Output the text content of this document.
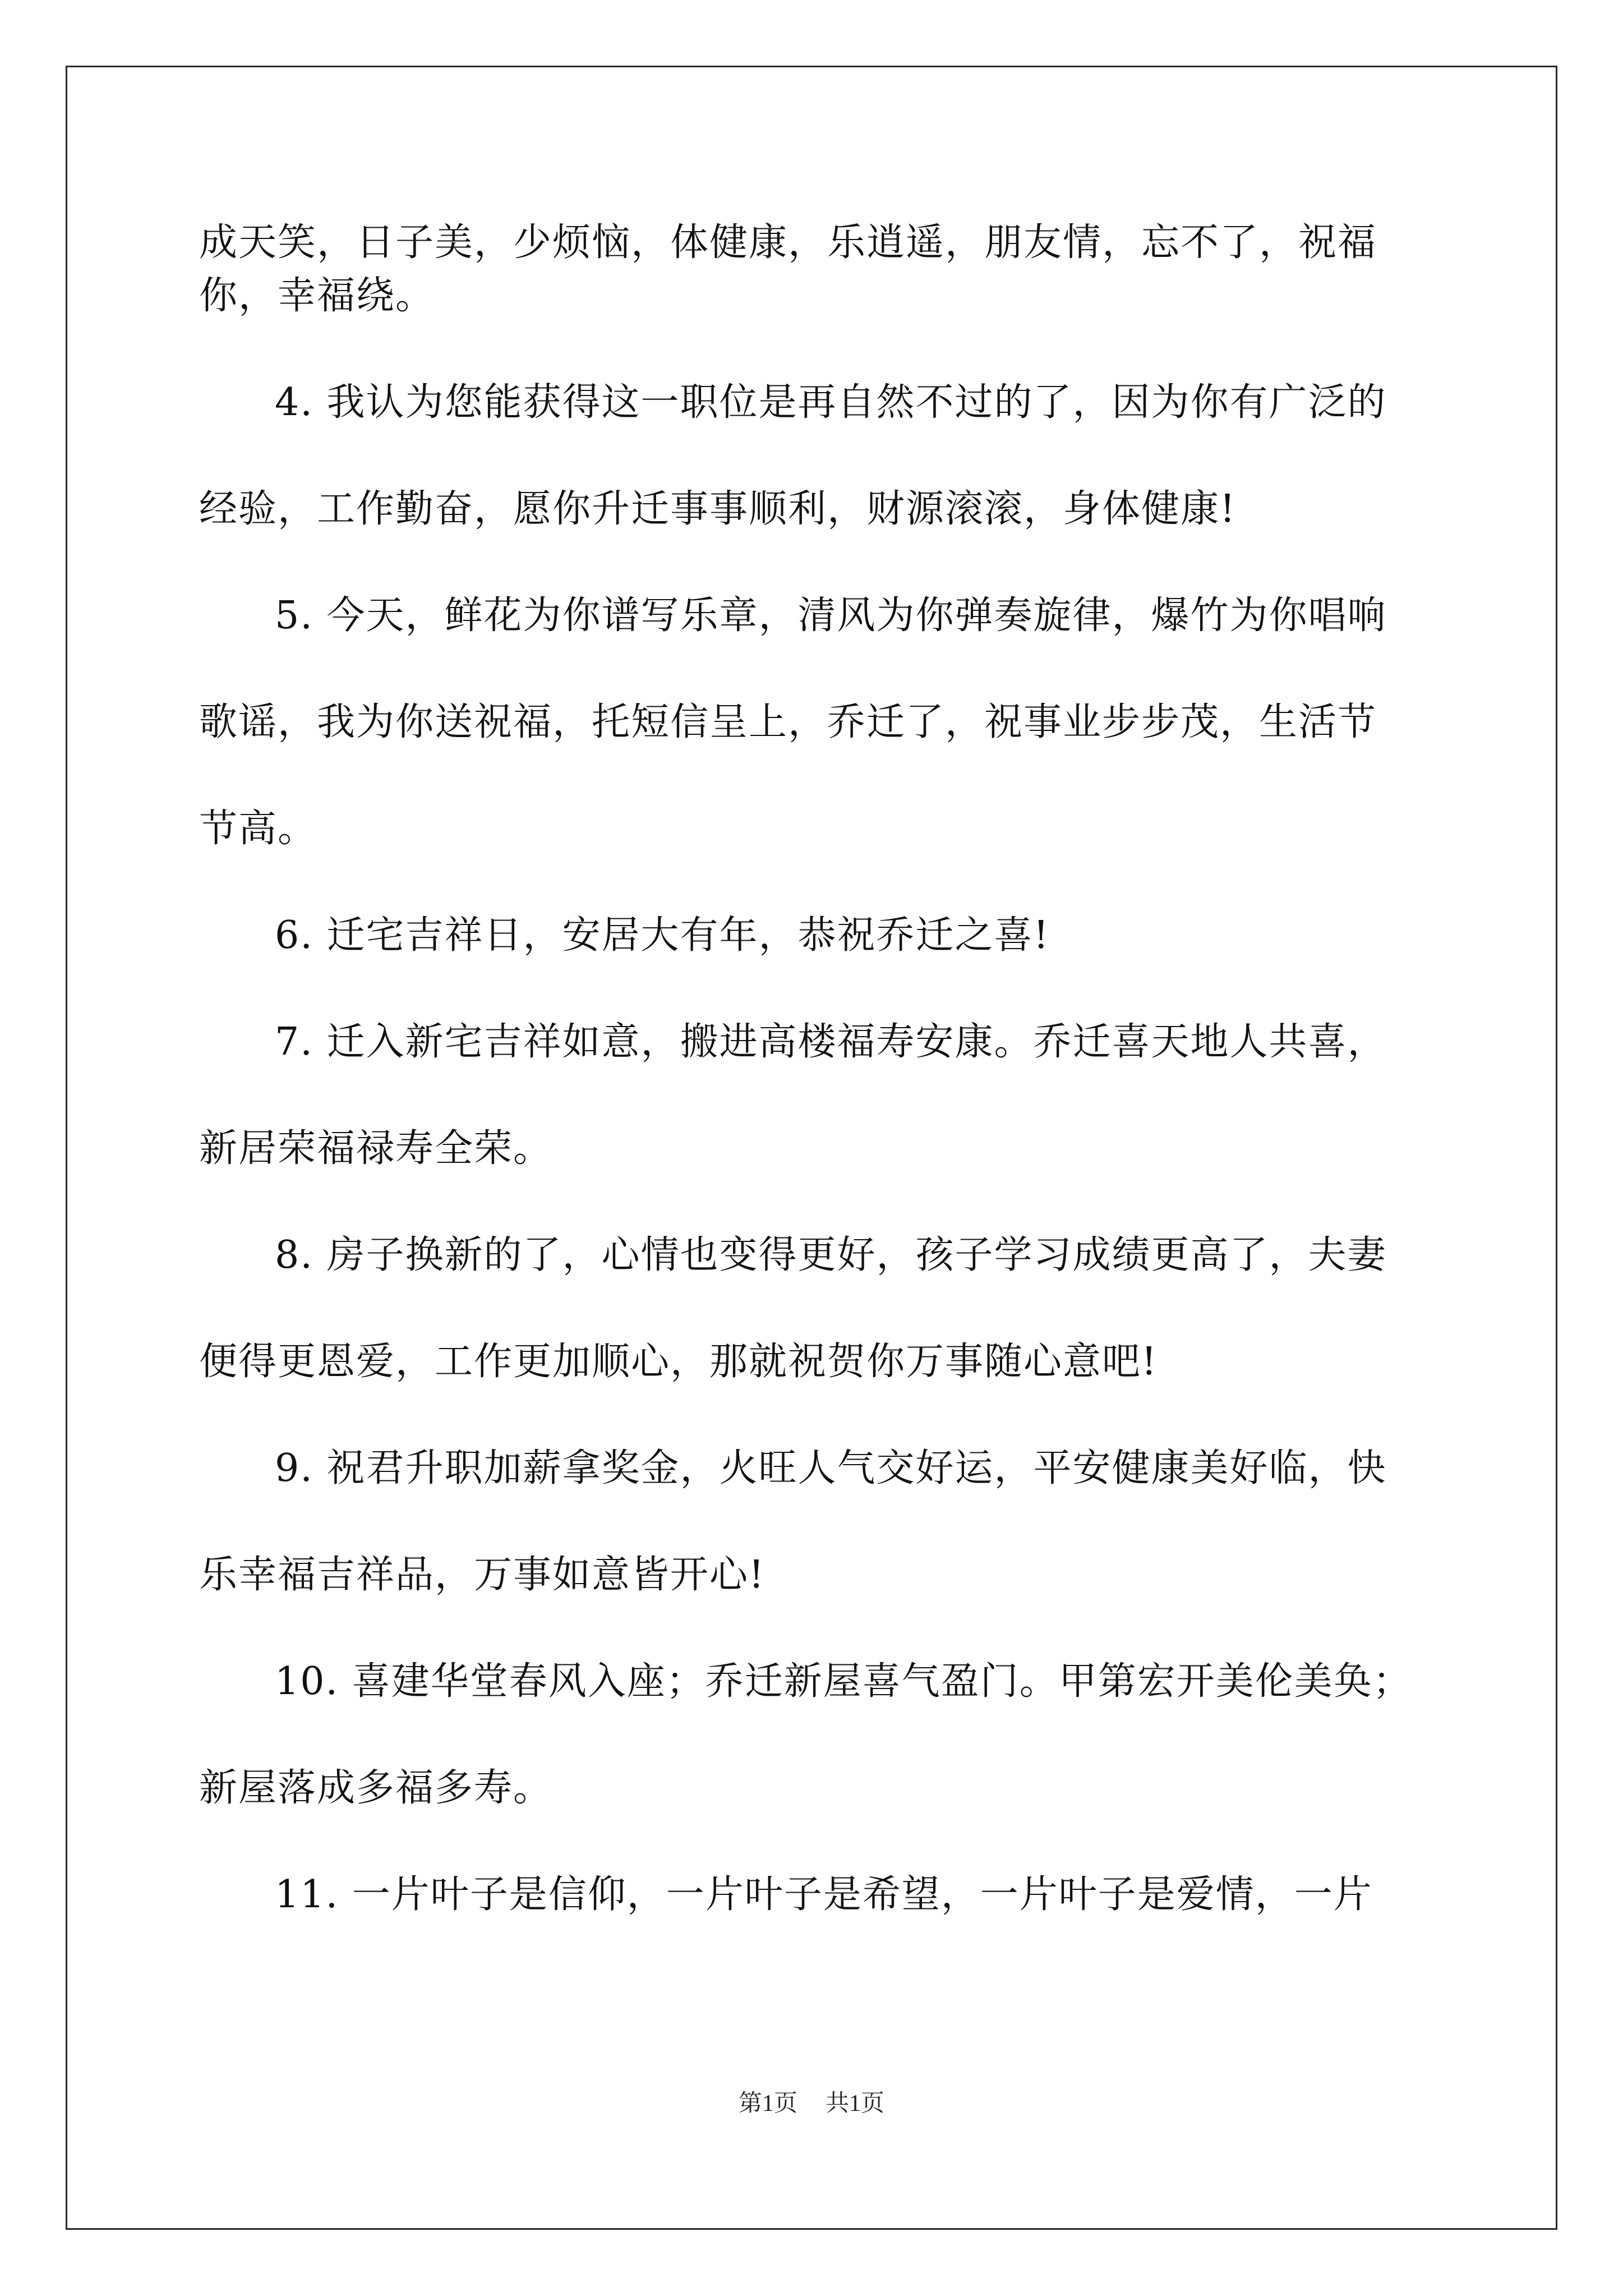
成天笑，日子美，少烦恼，体健康，乐逍遥，朋友情，忘不了，祝福
你，幸福绕。
4. 我认为您能获得这一职位是再自然不过的了，因为你有广泛的
经验，工作勤奋，愿你升迁事事顺利，财源滚滚，身体健康!
5. 今天，鲜花为你谱写乐章，清风为你弹奏旋律，爆竹为你唱响
歌谣，我为你送祝福，托短信呈上，乔迁了，祝事业步步茂，生活节
节高。
6. 迁宅吉祥日，安居大有年，恭祝乔迁之喜!
7. 迁入新宅吉祥如意，搬进高楼福寿安康。乔迁喜天地人共喜，
新居荣福禄寿全荣。
8. 房子换新的了，心情也变得更好，孩子学习成绩更高了，夫妻
便得更恩爱，工作更加顺心，那就祝贺你万事随心意吧!
9. 祝君升职加薪拿奖金，火旺人气交好运，平安健康美好临，快
乐幸福吉祥品，万事如意皆开心!
10. 喜建华堂春风入座；乔迁新屋喜气盈门。甲第宏开美伦美奂；
新屋落成多福多寿。
11. 一片叶子是信仰，一片叶子是希望，一片叶子是爱情，一片
第1页 共1页
